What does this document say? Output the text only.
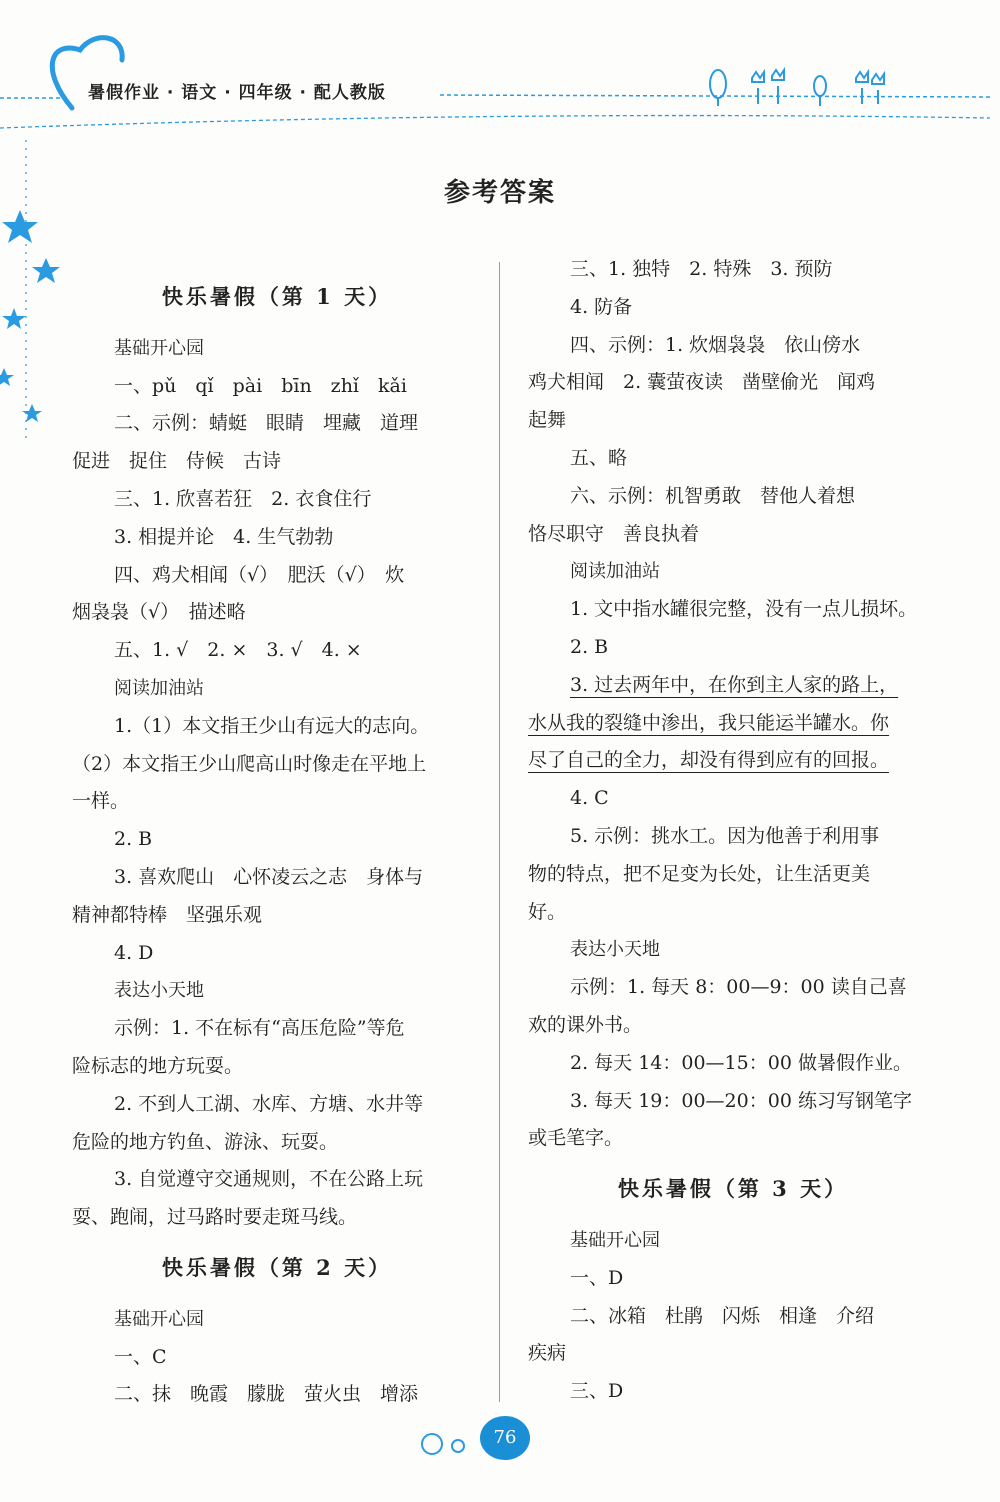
暑假作业 · 语文 · 四年级 · 配人教版
参考答案

快乐暑假（第 1 天）

基础开心园

一、pǔ　qǐ　pài　bīn　zhǐ　kǎi

二、示例：蜻蜓　眼睛　埋藏　道理

促进　捉住　侍候　古诗

三、1. 欣喜若狂　2. 衣食住行

3. 相提并论　4. 生气勃勃

四、鸡犬相闻（√）　肥沃（√）　炊

烟袅袅（√）　描述略

五、1. √　2. ×　3. √　4. ×

阅读加油站

1.（1）本文指王少山有远大的志向。

（2）本文指王少山爬高山时像走在平地上

一样。

2. B

3. 喜欢爬山　心怀凌云之志　身体与

精神都特棒　坚强乐观

4. D

表达小天地

示例：1. 不在标有“高压危险”等危

险标志的地方玩耍。

2. 不到人工湖、水库、方塘、水井等

危险的地方钓鱼、游泳、玩耍。

3. 自觉遵守交通规则，不在公路上玩

耍、跑闹，过马路时要走斑马线。

快乐暑假（第 2 天）

基础开心园

一、C

二、抹　晚霞　朦胧　萤火虫　增添

三、1. 独特　2. 特殊　3. 预防

4. 防备

四、示例：1. 炊烟袅袅　依山傍水

鸡犬相闻　2. 囊萤夜读　凿壁偷光　闻鸡

起舞

五、略

六、示例：机智勇敢　替他人着想

恪尽职守　善良执着

阅读加油站

1. 文中指水罐很完整，没有一点儿损坏。

2. B

3. 过去两年中，在你到主人家的路上，

水从我的裂缝中渗出，我只能运半罐水。你

尽了自己的全力，却没有得到应有的回报。

4. C

5. 示例：挑水工。因为他善于利用事

物的特点，把不足变为长处，让生活更美

好。

表达小天地

示例：1. 每天 8：00—9：00 读自己喜

欢的课外书。

2. 每天 14：00—15：00 做暑假作业。

3. 每天 19：00—20：00 练习写钢笔字

或毛笔字。

快乐暑假（第 3 天）

基础开心园

一、D

二、冰箱　杜鹃　闪烁　相逢　介绍

疾病

三、D

76
